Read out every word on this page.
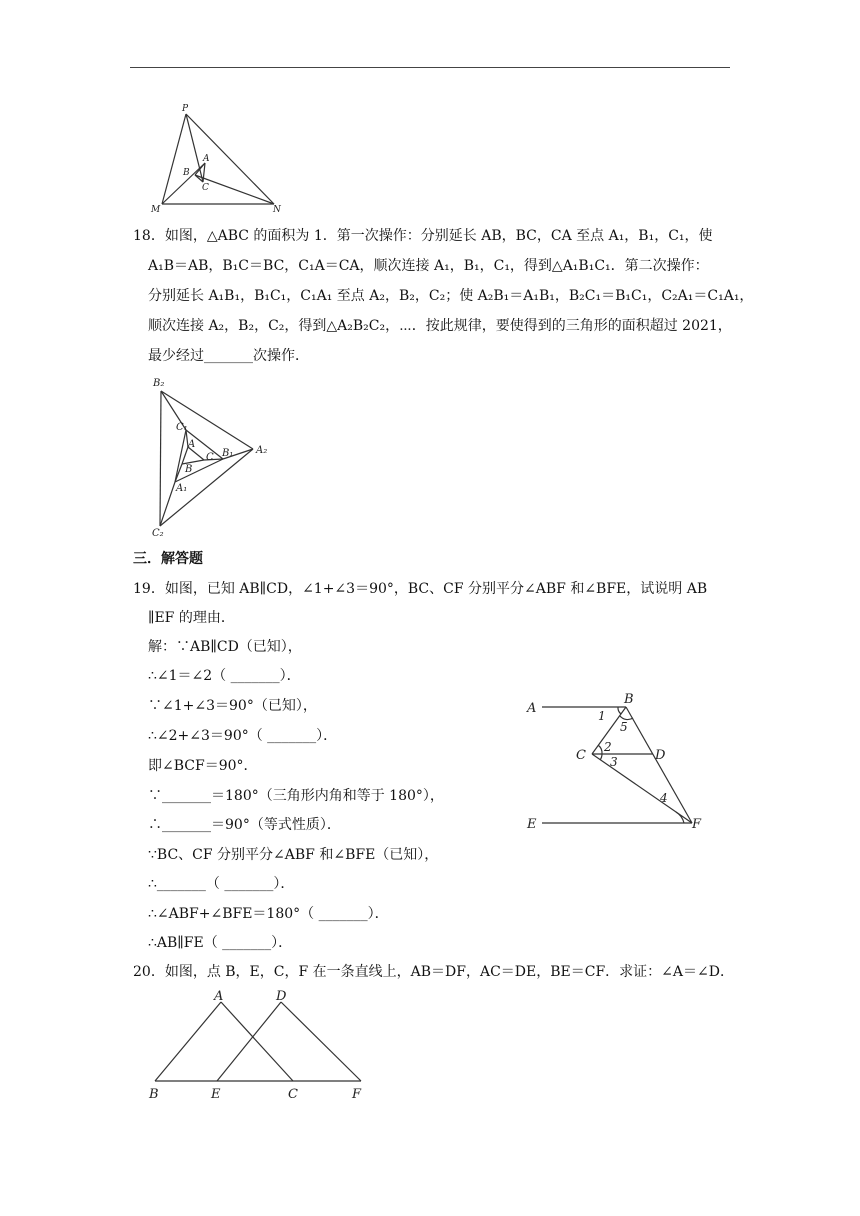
P
A
B
C
M	N
18．如图，△ABC 的面积为 1．第一次操作：分别延长 AB，BC，CA 至点 A₁，B₁，C₁，使
A₁B＝AB，B₁C＝BC，C₁A＝CA，顺次连接 A₁，B₁，C₁，得到△A₁B₁C₁．第二次操作：
分别延长 A₁B₁，B₁C₁，C₁A₁ 至点 A₂，B₂，C₂；使 A₂B₁＝A₁B₁，B₂C₁＝B₁C₁，C₂A₁＝C₁A₁，
顺次连接 A₂，B₂，C₂，得到△A₂B₂C₂，⋯．按此规律，要使得到的三角形的面积超过 2021，
最少经过_______次操作．
B₂
C₁
A
C B₁ A₂
B
A₁
C₂
三．解答题
19．如图，已知 AB∥CD，∠1+∠3＝90°，BC、CF 分别平分∠ABF 和∠BFE，试说明 AB
∥EF 的理由．
解：∵AB∥CD（已知），
∴∠1＝∠2（ _______）．
∵∠1+∠3＝90°（已知），
∴∠2+∠3＝90°（ _______）．
即∠BCF＝90°．
∵_______＝180°（三角形内角和等于 180°），
∴_______＝90°（等式性质）．
∵BC、CF 分别平分∠ABF 和∠BFE（已知），
∴_______（ _______）．
∴∠ABF+∠BFE＝180°（ _______）．
∴AB∥FE（ _______）．
A
B
1
5
C
2
3	D
4
E	F
20．如图，点 B，E，C，F 在一条直线上，AB＝DF，AC＝DE，BE＝CF．求证：∠A＝∠D．
A	D
B	E	C	F
